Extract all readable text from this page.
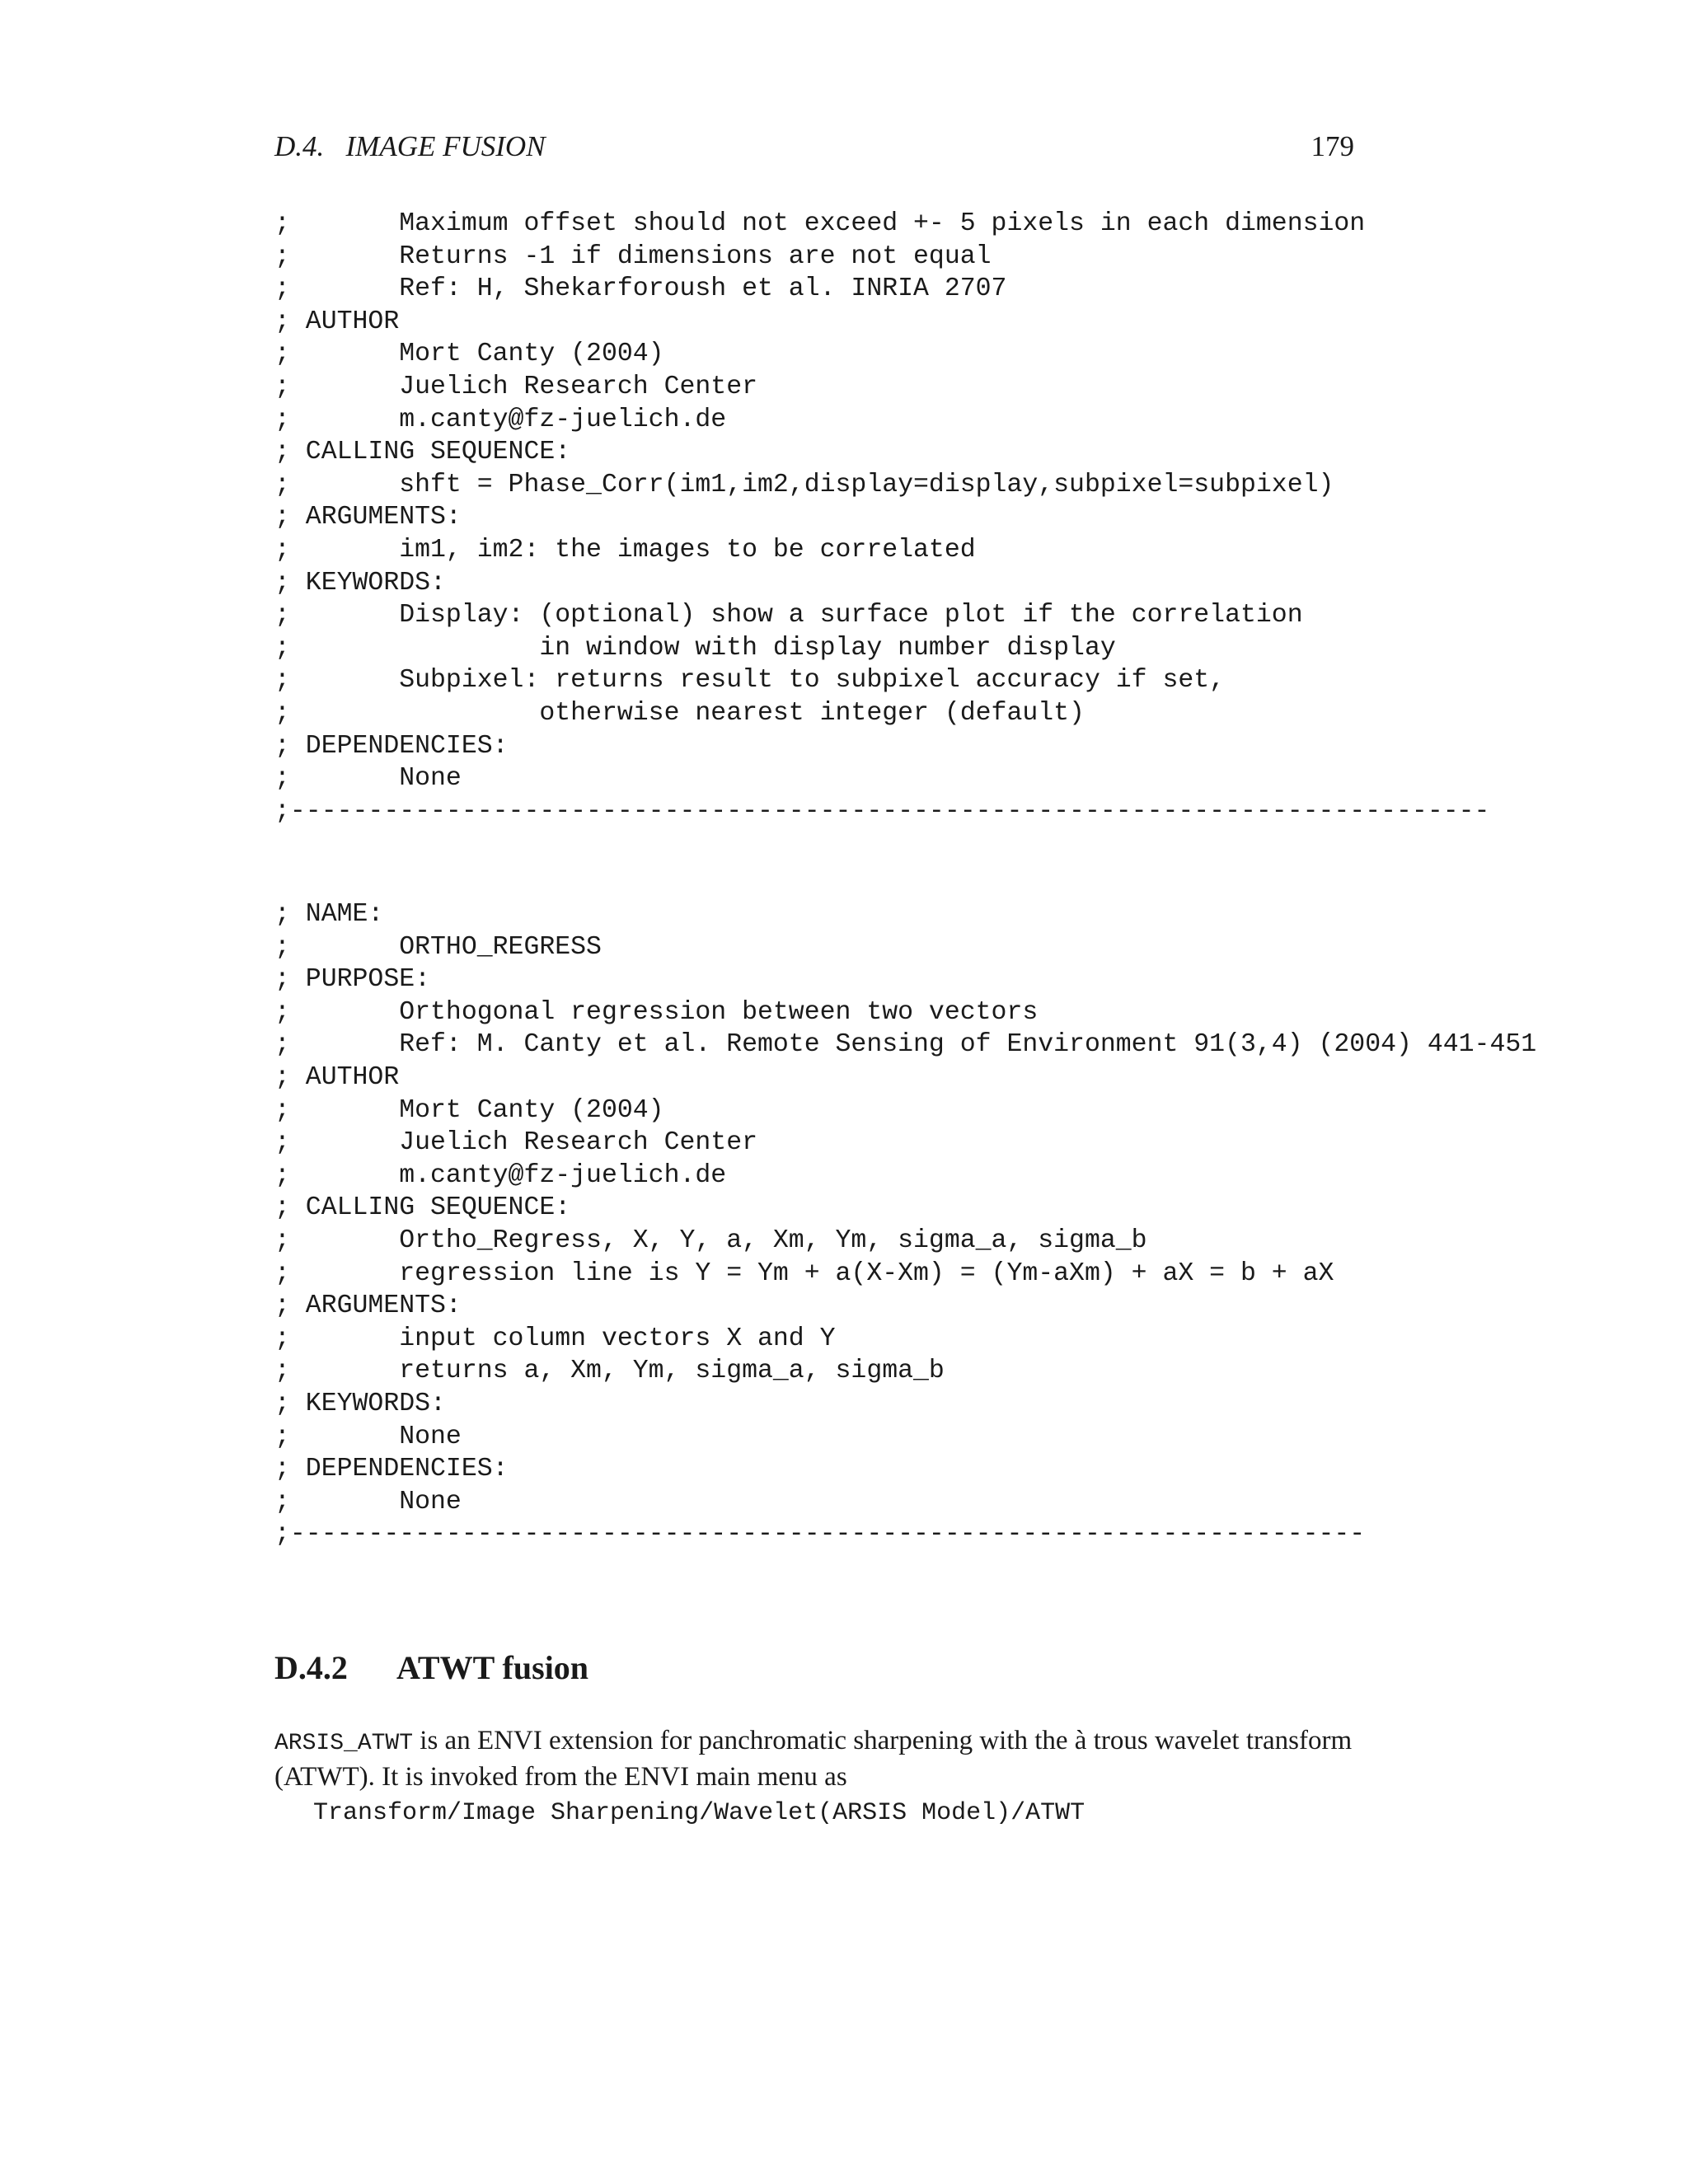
D.4.   IMAGE FUSION	179
;       Maximum offset should not exceed +- 5 pixels in each dimension
;       Returns -1 if dimensions are not equal
;       Ref: H, Shekarforoush et al. INRIA 2707
; AUTHOR
;       Mort Canty (2004)
;       Juelich Research Center
;       m.canty@fz-juelich.de
; CALLING SEQUENCE:
;       shft = Phase_Corr(im1,im2,display=display,subpixel=subpixel)
; ARGUMENTS:
;       im1, im2: the images to be correlated
; KEYWORDS:
;       Display: (optional) show a surface plot if the correlation
;                in window with display number display
;       Subpixel: returns result to subpixel accuracy if set,
;                otherwise nearest integer (default)
; DEPENDENCIES:
;       None
;-----------------------------------------------------------------------------
; NAME:
;       ORTHO_REGRESS
; PURPOSE:
;       Orthogonal regression between two vectors
;       Ref: M. Canty et al. Remote Sensing of Environment 91(3,4) (2004) 441-451
; AUTHOR
;       Mort Canty (2004)
;       Juelich Research Center
;       m.canty@fz-juelich.de
; CALLING SEQUENCE:
;       Ortho_Regress, X, Y, a, Xm, Ym, sigma_a, sigma_b
;       regression line is Y = Ym + a(X-Xm) = (Ym-aXm) + aX = b + aX
; ARGUMENTS:
;       input column vectors X and Y
;       returns a, Xm, Ym, sigma_a, sigma_b
; KEYWORDS:
;       None
; DEPENDENCIES:
;       None
;---------------------------------------------------------------------
D.4.2 ATWT fusion
ARSIS_ATWT is an ENVI extension for panchromatic sharpening with the à trous wavelet transform (ATWT). It is invoked from the ENVI main menu as
Transform/Image Sharpening/Wavelet(ARSIS Model)/ATWT
